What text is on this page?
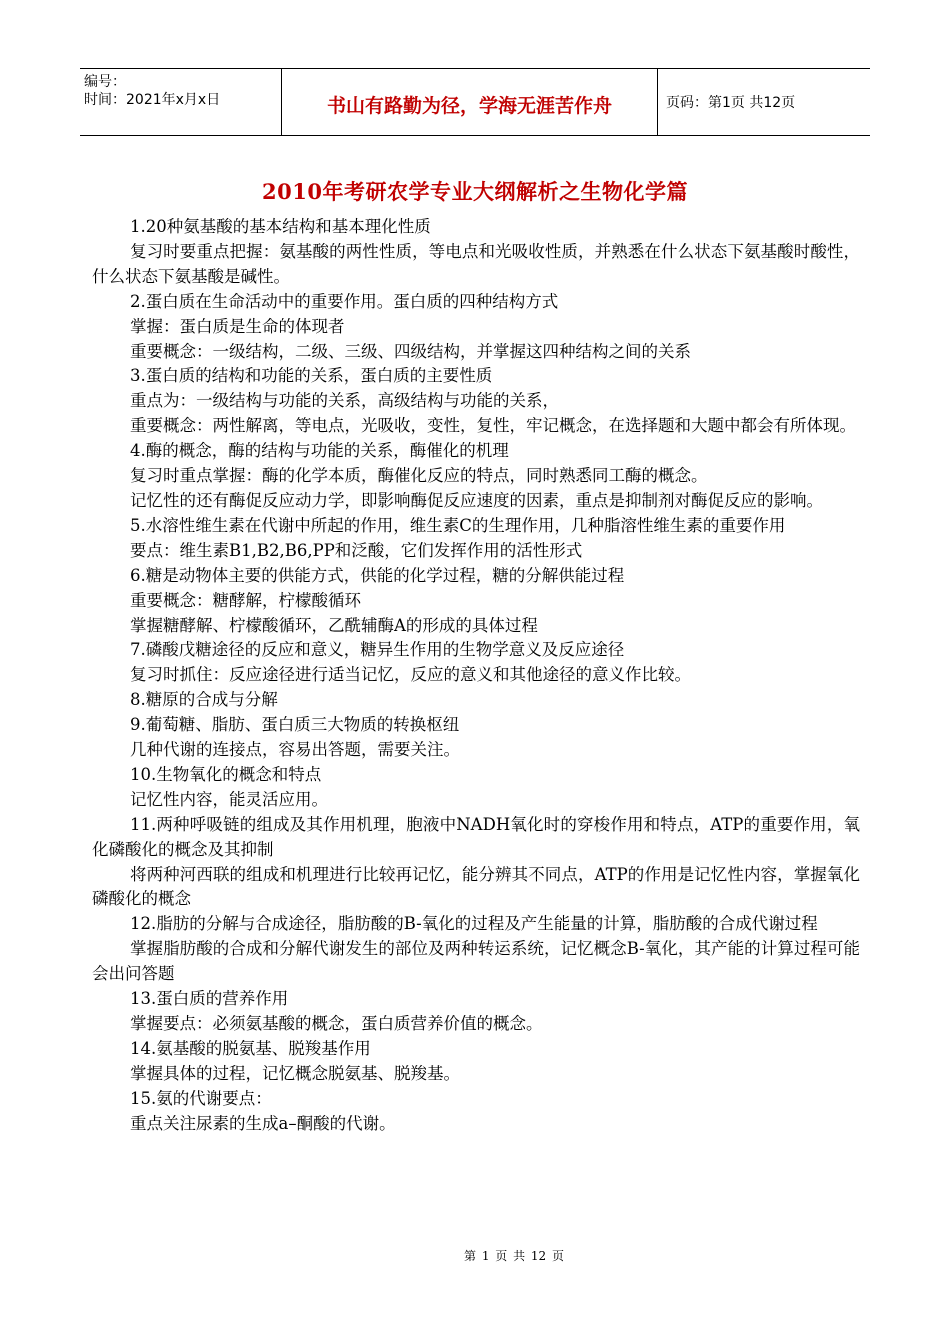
编号：
时间：2021年x月x日	书山有路勤为径，学海无涯苦作舟	页码：第1页 共12页
2010年考研农学专业大纲解析之生物化学篇

1.20种氨基酸的基本结构和基本理化性质

复习时要重点把握：氨基酸的两性性质，等电点和光吸收性质，并熟悉在什么状态下氨基酸时酸性，什么状态下氨基酸是碱性。

2.蛋白质在生命活动中的重要作用。蛋白质的四种结构方式

掌握：蛋白质是生命的体现者

重要概念：一级结构，二级、三级、四级结构，并掌握这四种结构之间的关系

3.蛋白质的结构和功能的关系，蛋白质的主要性质

重点为：一级结构与功能的关系，高级结构与功能的关系，

重要概念：两性解离，等电点，光吸收，变性，复性，牢记概念，在选择题和大题中都会有所体现。

4.酶的概念，酶的结构与功能的关系，酶催化的机理

复习时重点掌握：酶的化学本质，酶催化反应的特点，同时熟悉同工酶的概念。

记忆性的还有酶促反应动力学，即影响酶促反应速度的因素，重点是抑制剂对酶促反应的影响。

5.水溶性维生素在代谢中所起的作用，维生素C的生理作用，几种脂溶性维生素的重要作用

要点：维生素B1,B2,B6,PP和泛酸，它们发挥作用的活性形式

6.糖是动物体主要的供能方式，供能的化学过程，糖的分解供能过程

重要概念：糖酵解，柠檬酸循环

掌握糖酵解、柠檬酸循环，乙酰辅酶A的形成的具体过程

7.磷酸戊糖途径的反应和意义，糖异生作用的生物学意义及反应途径

复习时抓住：反应途径进行适当记忆，反应的意义和其他途径的意义作比较。

8.糖原的合成与分解

9.葡萄糖、脂肪、蛋白质三大物质的转换枢纽

几种代谢的连接点，容易出答题，需要关注。

10.生物氧化的概念和特点

记忆性内容，能灵活应用。

11.两种呼吸链的组成及其作用机理，胞液中NADH氧化时的穿梭作用和特点，ATP的重要作用，氧化磷酸化的概念及其抑制

将两种河西联的组成和机理进行比较再记忆，能分辨其不同点，ATP的作用是记忆性内容，掌握氧化磷酸化的概念

12.脂肪的分解与合成途径，脂肪酸的B-氧化的过程及产生能量的计算，脂肪酸的合成代谢过程

掌握脂肪酸的合成和分解代谢发生的部位及两种转运系统，记忆概念B-氧化，其产能的计算过程可能会出问答题

13.蛋白质的营养作用

掌握要点：必须氨基酸的概念，蛋白质营养价值的概念。

14.氨基酸的脱氨基、脱羧基作用

掌握具体的过程，记忆概念脱氨基、脱羧基。

15.氨的代谢要点：

重点关注尿素的生成a–酮酸的代谢。

第 1 页 共 12 页
